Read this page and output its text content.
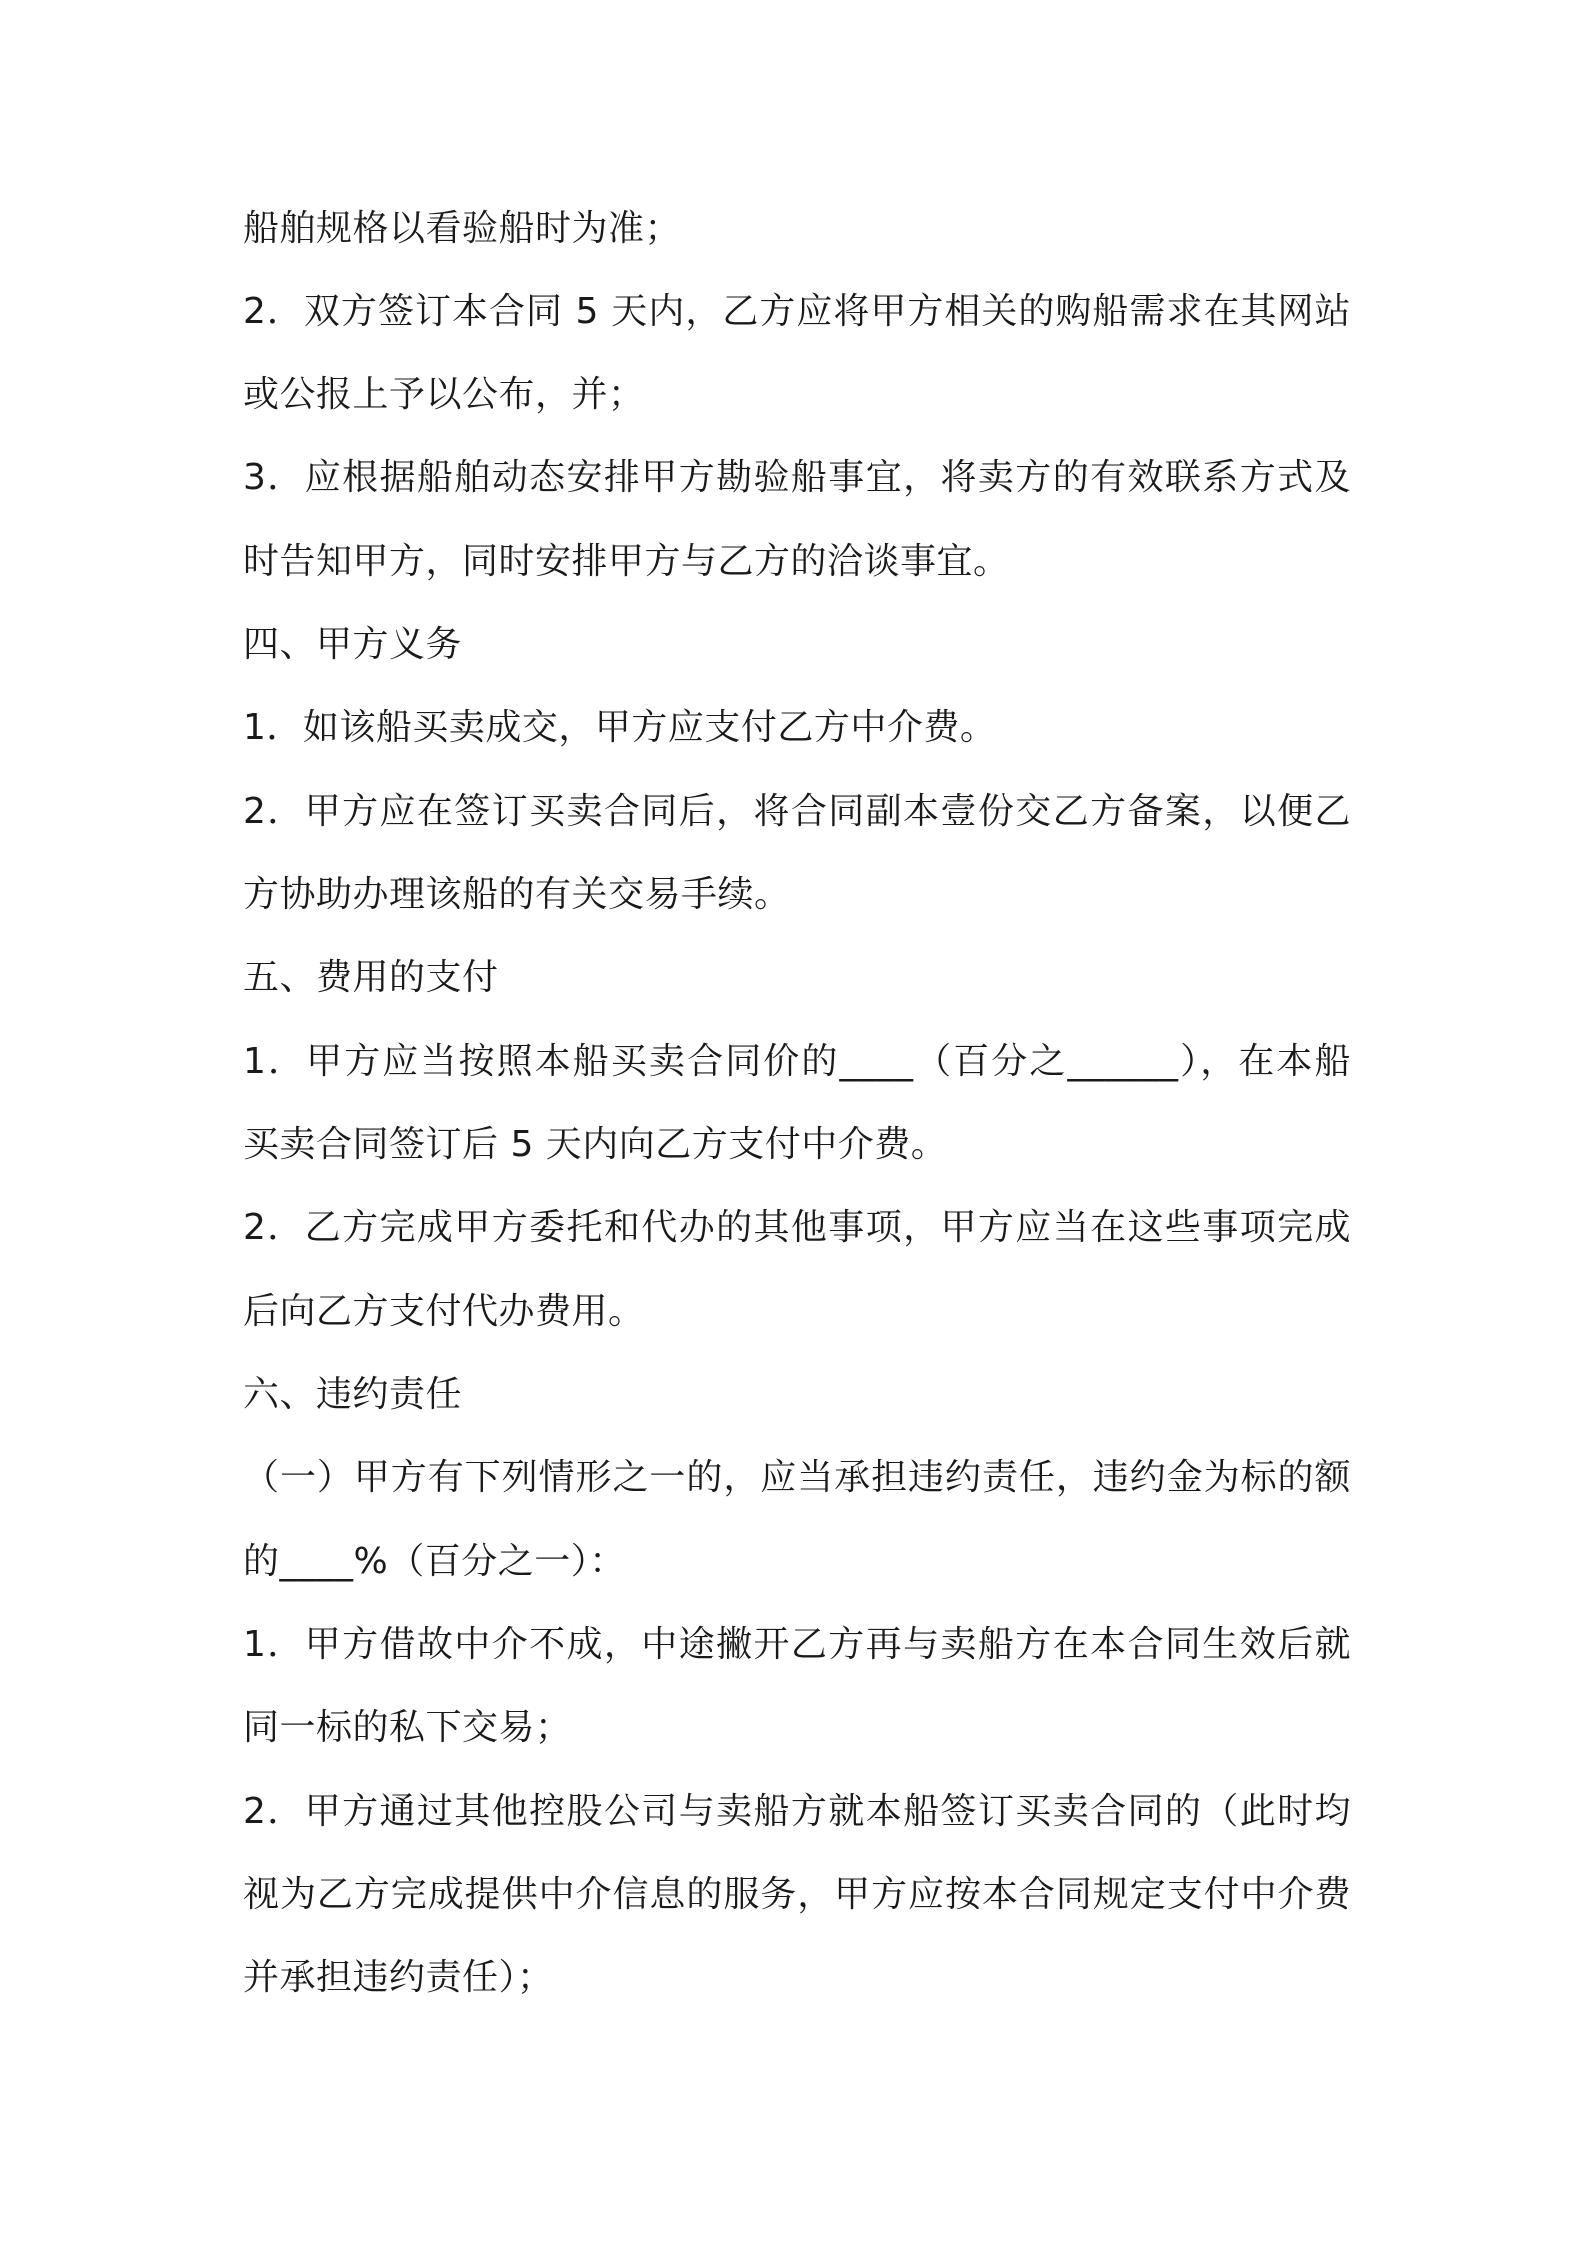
船舶规格以看验船时为准；
2．双方签订本合同 5 天内，乙方应将甲方相关的购船需求在其网站
或公报上予以公布，并；
3．应根据船舶动态安排甲方勘验船事宜，将卖方的有效联系方式及
时告知甲方，同时安排甲方与乙方的洽谈事宜。
四、甲方义务
1．如该船买卖成交，甲方应支付乙方中介费。
2．甲方应在签订买卖合同后，将合同副本壹份交乙方备案，以便乙
方协助办理该船的有关交易手续。
五、费用的支付
1．甲方应当按照本船买卖合同价的____（百分之______），在本船
买卖合同签订后 5 天内向乙方支付中介费。
2．乙方完成甲方委托和代办的其他事项，甲方应当在这些事项完成
后向乙方支付代办费用。
六、违约责任
（一）甲方有下列情形之一的，应当承担违约责任，违约金为标的额
的____%（百分之一）：
1．甲方借故中介不成，中途撇开乙方再与卖船方在本合同生效后就
同一标的私下交易；
2．甲方通过其他控股公司与卖船方就本船签订买卖合同的（此时均
视为乙方完成提供中介信息的服务，甲方应按本合同规定支付中介费
并承担违约责任）；
